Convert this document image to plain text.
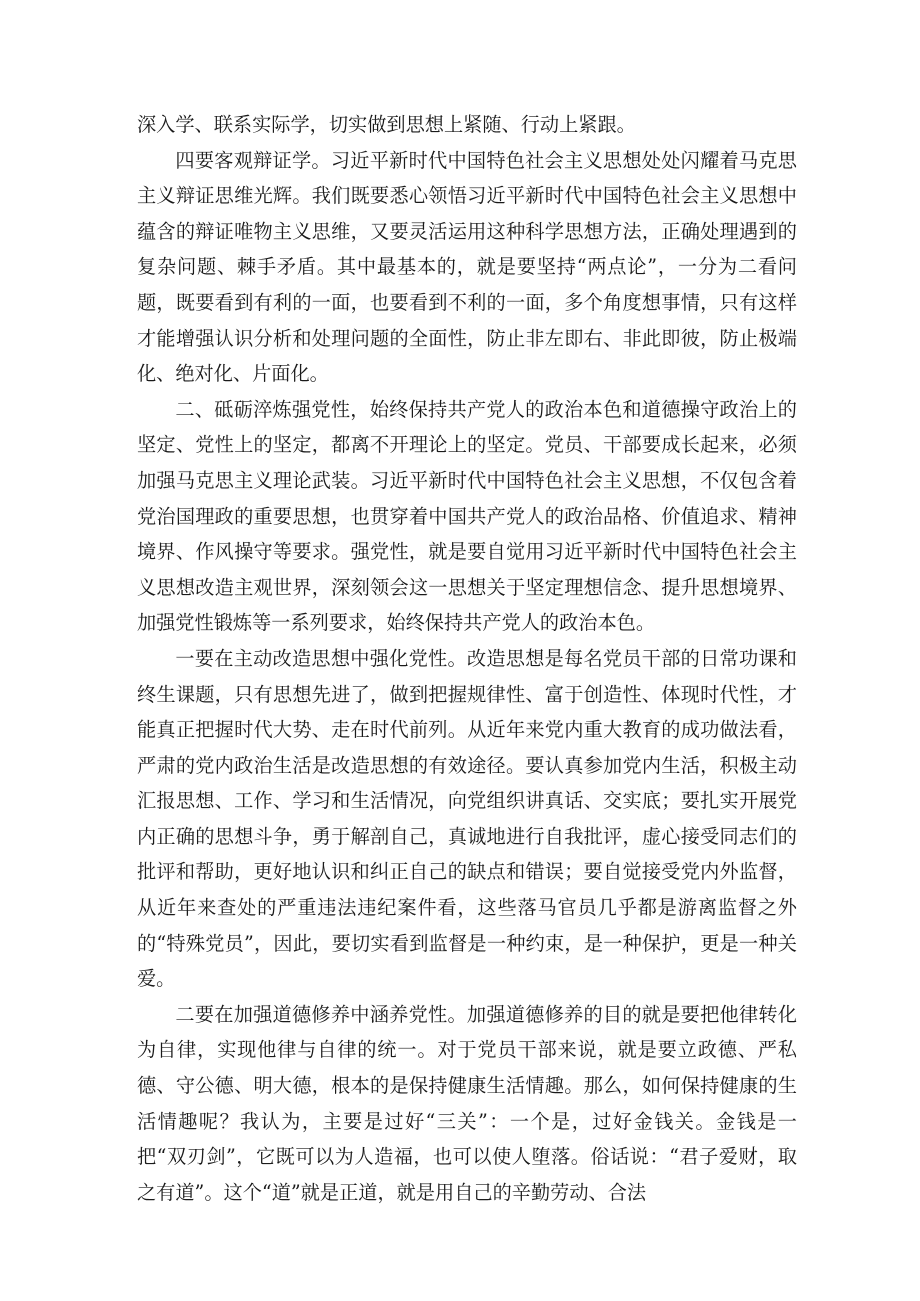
深入学、联系实际学，切实做到思想上紧随、行动上紧跟。

四要客观辩证学。习近平新时代中国特色社会主义思想处处闪耀着马克思主义辩证思维光辉。我们既要悉心领悟习近平新时代中国特色社会主义思想中蕴含的辩证唯物主义思维，又要灵活运用这种科学思想方法，正确处理遇到的复杂问题、棘手矛盾。其中最基本的，就是要坚持“两点论”，一分为二看问题，既要看到有利的一面，也要看到不利的一面，多个角度想事情，只有这样才能增强认识分析和处理问题的全面性，防止非左即右、非此即彼，防止极端化、绝对化、片面化。

二、砥砺淬炼强党性，始终保持共产党人的政治本色和道德操守政治上的坚定、党性上的坚定，都离不开理论上的坚定。党员、干部要成长起来，必须加强马克思主义理论武装。习近平新时代中国特色社会主义思想，不仅包含着党治国理政的重要思想，也贯穿着中国共产党人的政治品格、价值追求、精神境界、作风操守等要求。强党性，就是要自觉用习近平新时代中国特色社会主义思想改造主观世界，深刻领会这一思想关于坚定理想信念、提升思想境界、加强党性锻炼等一系列要求，始终保持共产党人的政治本色。

一要在主动改造思想中强化党性。改造思想是每名党员干部的日常功课和终生课题，只有思想先进了，做到把握规律性、富于创造性、体现时代性，才能真正把握时代大势、走在时代前列。从近年来党内重大教育的成功做法看，严肃的党内政治生活是改造思想的有效途径。要认真参加党内生活，积极主动汇报思想、工作、学习和生活情况，向党组织讲真话、交实底；要扎实开展党内正确的思想斗争，勇于解剖自己，真诚地进行自我批评，虚心接受同志们的批评和帮助，更好地认识和纠正自己的缺点和错误；要自觉接受党内外监督，从近年来查处的严重违法违纪案件看，这些落马官员几乎都是游离监督之外的“特殊党员”，因此，要切实看到监督是一种约束，是一种保护，更是一种关爱。

二要在加强道德修养中涵养党性。加强道德修养的目的就是要把他律转化为自律，实现他律与自律的统一。对于党员干部来说，就是要立政德、严私德、守公德、明大德，根本的是保持健康生活情趣。那么，如何保持健康的生活情趣呢？我认为，主要是过好“三关”：一个是，过好金钱关。金钱是一把“双刃剑”，它既可以为人造福，也可以使人堕落。俗话说：“君子爱财，取之有道”。这个“道”就是正道，就是用自己的辛勤劳动、合法
